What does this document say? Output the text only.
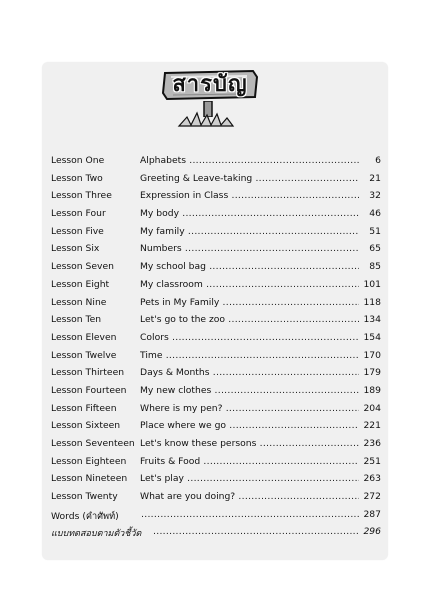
สารบัญ
Lesson One	Alphabets .....	6
Lesson Two	Greeting & Leave-taking .....	21
Lesson Three	Expression in Class .....	32
Lesson Four	My body .....	46
Lesson Five	My family .....	51
Lesson Six	Numbers .....	65
Lesson Seven	My school bag .....	85
Lesson Eight	My classroom .....	101
Lesson Nine	Pets in My Family .....	118
Lesson Ten	Let's go to the zoo .....	134
Lesson Eleven	Colors .....	154
Lesson Twelve	Time .....	170
Lesson Thirteen Days & Months .....	179
Lesson Fourteen My new clothes .....	189
Lesson Fifteen	Where is my pen? .....	204
Lesson Sixteen Place where we go .....	221
Lesson Seventeen Let's know these persons .....	236
Lesson Eighteen Fruits & Food .....	251
Lesson Nineteen Let's play .....	263
Lesson Twenty What are you doing? .....	272
Words (คำศัพท์) .....	287
แบบทดสอบตามตัวชี้วัด .....	296
